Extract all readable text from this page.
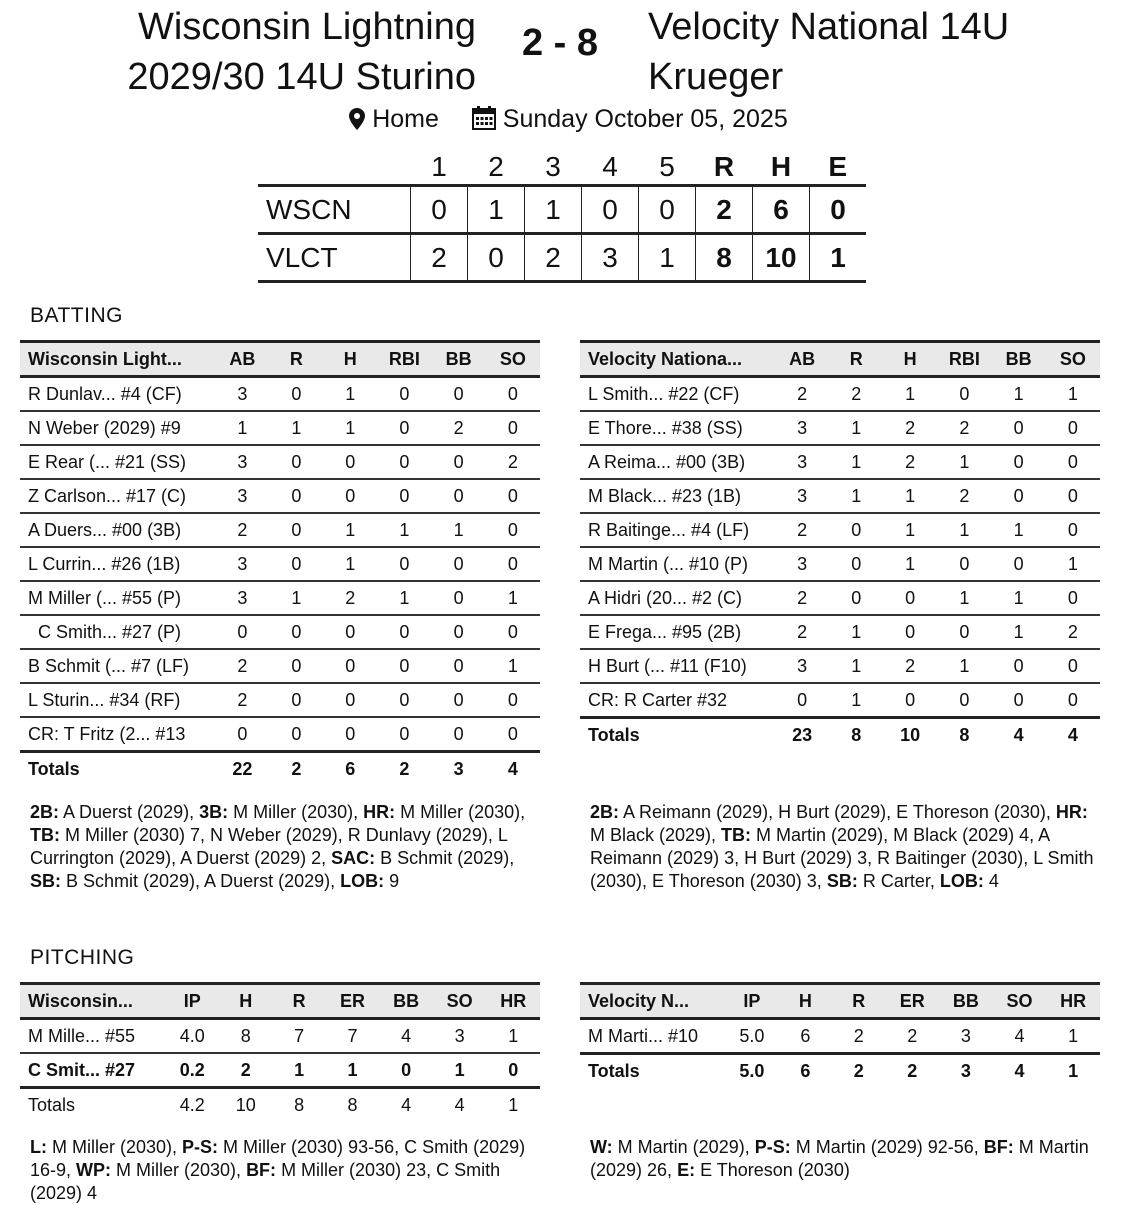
Wisconsin Lightning
2029/30 14U Sturino
2 - 8	Velocity National 14U
Krueger
Home	Sunday October 05, 2025
	1	2	3	4	5	R	H	E
WSCN	0	1	1	0	0	2	6	0
VLCT	2	0	2	3	1	8	10	1
BATTING
Wisconsin Light...	AB	R	H	RBI	BB	SO
R Dunlav... #4 (CF)	3	0	1	0	0	0
N Weber (2029) #9	1	1	1	0	2	0
E Rear (... #21 (SS)	3	0	0	0	0	2
Z Carlson... #17 (C)	3	0	0	0	0	0
A Duers... #00 (3B)	2	0	1	1	1	0
L Currin... #26 (1B)	3	0	1	0	0	0
M Miller (... #55 (P)	3	1	2	1	0	1
C Smith... #27 (P)	0	0	0	0	0	0
B Schmit (... #7 (LF)	2	0	0	0	0	1
L Sturin... #34 (RF)	2	0	0	0	0	0
CR: T Fritz (2... #13	0	0	0	0	0	0
Totals	22	2	6	2	3	4
Velocity Nationa...	AB	R	H	RBI	BB	SO
L Smith... #22 (CF)	2	2	1	0	1	1
E Thore... #38 (SS)	3	1	2	2	0	0
A Reima... #00 (3B)	3	1	2	1	0	0
M Black... #23 (1B)	3	1	1	2	0	0
R Baitinge... #4 (LF)	2	0	1	1	1	0
M Martin (... #10 (P)	3	0	1	0	0	1
A Hidri (20... #2 (C)	2	0	0	1	1	0
E Frega... #95 (2B)	2	1	0	0	1	2
H Burt (... #11 (F10)	3	1	2	1	0	0
CR: R Carter #32	0	1	0	0	0	0
Totals	23	8	10	8	4	4
2B: A Duerst (2029), 3B: M Miller (2030), HR: M Miller (2030), TB: M Miller (2030) 7, N Weber (2029), R Dunlavy (2029), L Currington (2029), A Duerst (2029) 2, SAC: B Schmit (2029), SB: B Schmit (2029), A Duerst (2029), LOB: 9
2B: A Reimann (2029), H Burt (2029), E Thoreson (2030), HR: M Black (2029), TB: M Martin (2029), M Black (2029) 4, A Reimann (2029) 3, H Burt (2029) 3, R Baitinger (2030), L Smith (2030), E Thoreson (2030) 3, SB: R Carter, LOB: 4
PITCHING
Wisconsin...	IP	H	R	ER	BB	SO	HR
M Mille... #55	4.0	8	7	7	4	3	1
C Smit... #27	0.2	2	1	1	0	1	0
Totals	4.2	10	8	8	4	4	1
Velocity N...	IP	H	R	ER	BB	SO	HR
M Marti... #10	5.0	6	2	2	3	4	1
Totals	5.0	6	2	2	3	4	1
L: M Miller (2030), P-S: M Miller (2030) 93-56, C Smith (2029) 16-9, WP: M Miller (2030), BF: M Miller (2030) 23, C Smith (2029) 4
W: M Martin (2029), P-S: M Martin (2029) 92-56, BF: M Martin (2029) 26, E: E Thoreson (2030)
